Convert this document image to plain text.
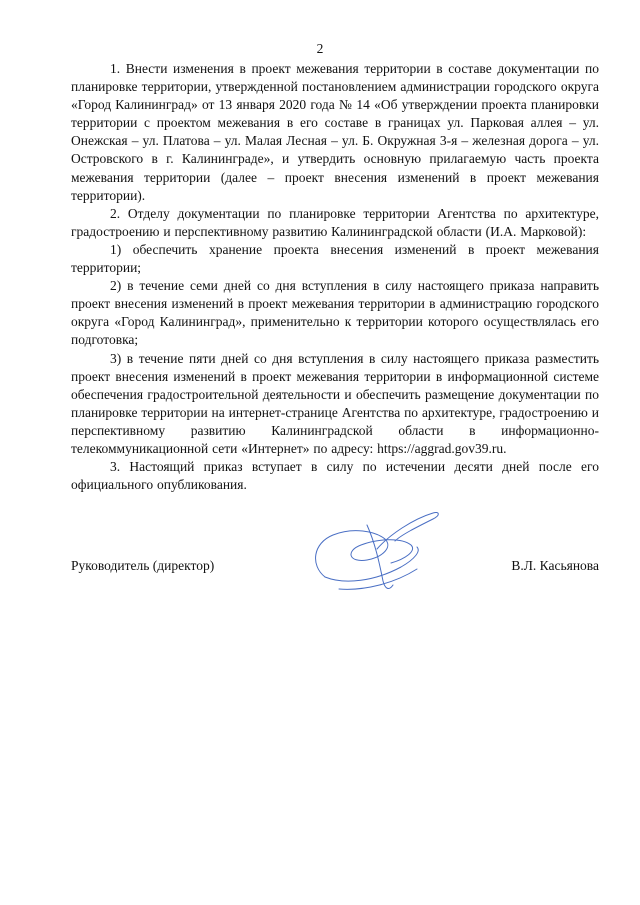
2

1. Внести изменения в проект межевания территории в составе документации по планировке территории, утвержденной постановлением администрации городского округа «Город Калининград» от 13 января 2020 года № 14 «Об утверждении проекта планировки территории с проектом межевания в его составе в границах ул. Парковая аллея – ул. Онежская – ул. Платова – ул. Малая Лесная – ул. Б. Окружная 3-я – железная дорога – ул. Островского в г. Калининграде», и утвердить основную прилагаемую часть проекта межевания территории (далее – проект внесения изменений в проект межевания территории).

2. Отделу документации по планировке территории Агентства по архитектуре, градостроению и перспективному развитию Калининградской области (И.А. Марковой):

1) обеспечить хранение проекта внесения изменений в проект межевания территории;

2) в течение семи дней со дня вступления в силу настоящего приказа направить проект внесения изменений в проект межевания территории в администрацию городского округа «Город Калининград», применительно к территории которого осуществлялась его подготовка;

3) в течение пяти дней со дня вступления в силу настоящего приказа разместить проект внесения изменений в проект межевания территории в информационной системе обеспечения градостроительной деятельности и обеспечить размещение документации по планировке территории на интернет-странице Агентства по архитектуре, градостроению и перспективному развитию Калининградской области в информационно-телекоммуникационной сети «Интернет» по адресу: https://aggrad.gov39.ru.

3. Настоящий приказ вступает в силу по истечении десяти дней после его официального опубликования.

Руководитель (директор)	В.Л. Касьянова
